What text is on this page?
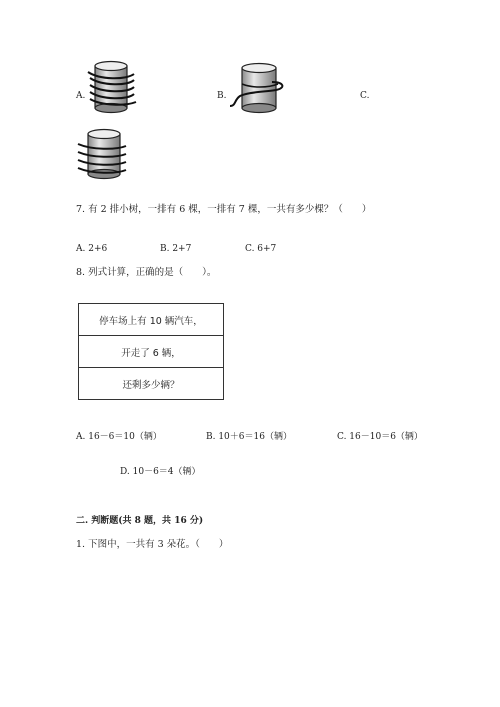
A.	B.	C.
7. 有 2 排小树，一排有 6 棵，一排有 7 棵，一共有多少棵？（　　）
A. 2+6	B. 2+7	C. 6+7
8. 列式计算，正确的是（　　）。
停车场上有 10 辆汽车，
开走了 6 辆，
还剩多少辆？
A. 16－6＝10（辆）	B. 10＋6＝16（辆）	C. 16－10＝6（辆）
D. 10－6＝4（辆）
二. 判断题(共 8 题，共 16 分)
1. 下图中，一共有 3 朵花。（　　）
